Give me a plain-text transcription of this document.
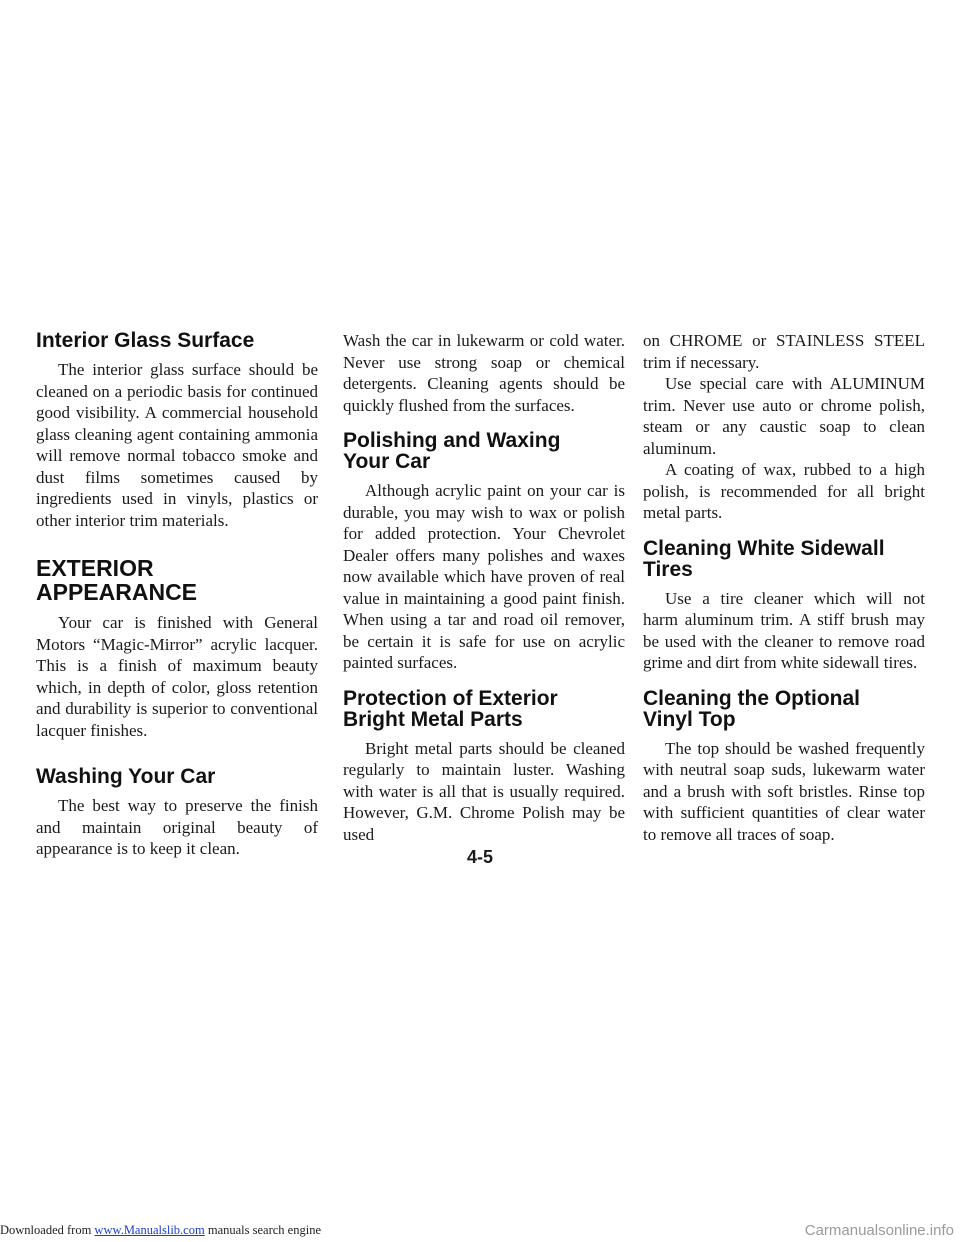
Interior Glass Surface

The interior glass surface should be cleaned on a periodic basis for continued good visibility. A commercial household glass cleaning agent containing ammonia will remove normal tobacco smoke and dust films sometimes caused by ingredients used in vinyls, plastics or other interior trim materials.

EXTERIOR APPEARANCE

Your car is finished with General Motors “Magic-Mirror” acrylic lacquer. This is a finish of maximum beauty which, in depth of color, gloss retention and durability is superior to conventional lacquer finishes.

Washing Your Car

The best way to preserve the finish and maintain original beauty of appearance is to keep it clean.

Wash the car in lukewarm or cold water. Never use strong soap or chemical detergents. Cleaning agents should be quickly flushed from the surfaces.

Polishing and Waxing
Your Car

Although acrylic paint on your car is durable, you may wish to wax or polish for added protection. Your Chevrolet Dealer offers many polishes and waxes now available which have proven of real value in maintaining a good paint finish. When using a tar and road oil remover, be certain it is safe for use on acrylic painted surfaces.

Protection of Exterior
Bright Metal Parts

Bright metal parts should be cleaned regularly to maintain luster. Washing with water is all that is usually required. However, G.M. Chrome Polish may be used

on CHROME or STAINLESS STEEL trim if necessary.

Use special care with ALUMINUM trim. Never use auto or chrome polish, steam or any caustic soap to clean aluminum.

A coating of wax, rubbed to a high polish, is recommended for all bright metal parts.

Cleaning White Sidewall
Tires

Use a tire cleaner which will not harm aluminum trim. A stiff brush may be used with the cleaner to remove road grime and dirt from white sidewall tires.

Cleaning the Optional
Vinyl Top

The top should be washed frequently with neutral soap suds, lukewarm water and a brush with soft bristles. Rinse top with sufficient quantities of clear water to remove all traces of soap.

4-5
Downloaded from www.Manualslib.com manuals search engine	Carmanualsonline.info
